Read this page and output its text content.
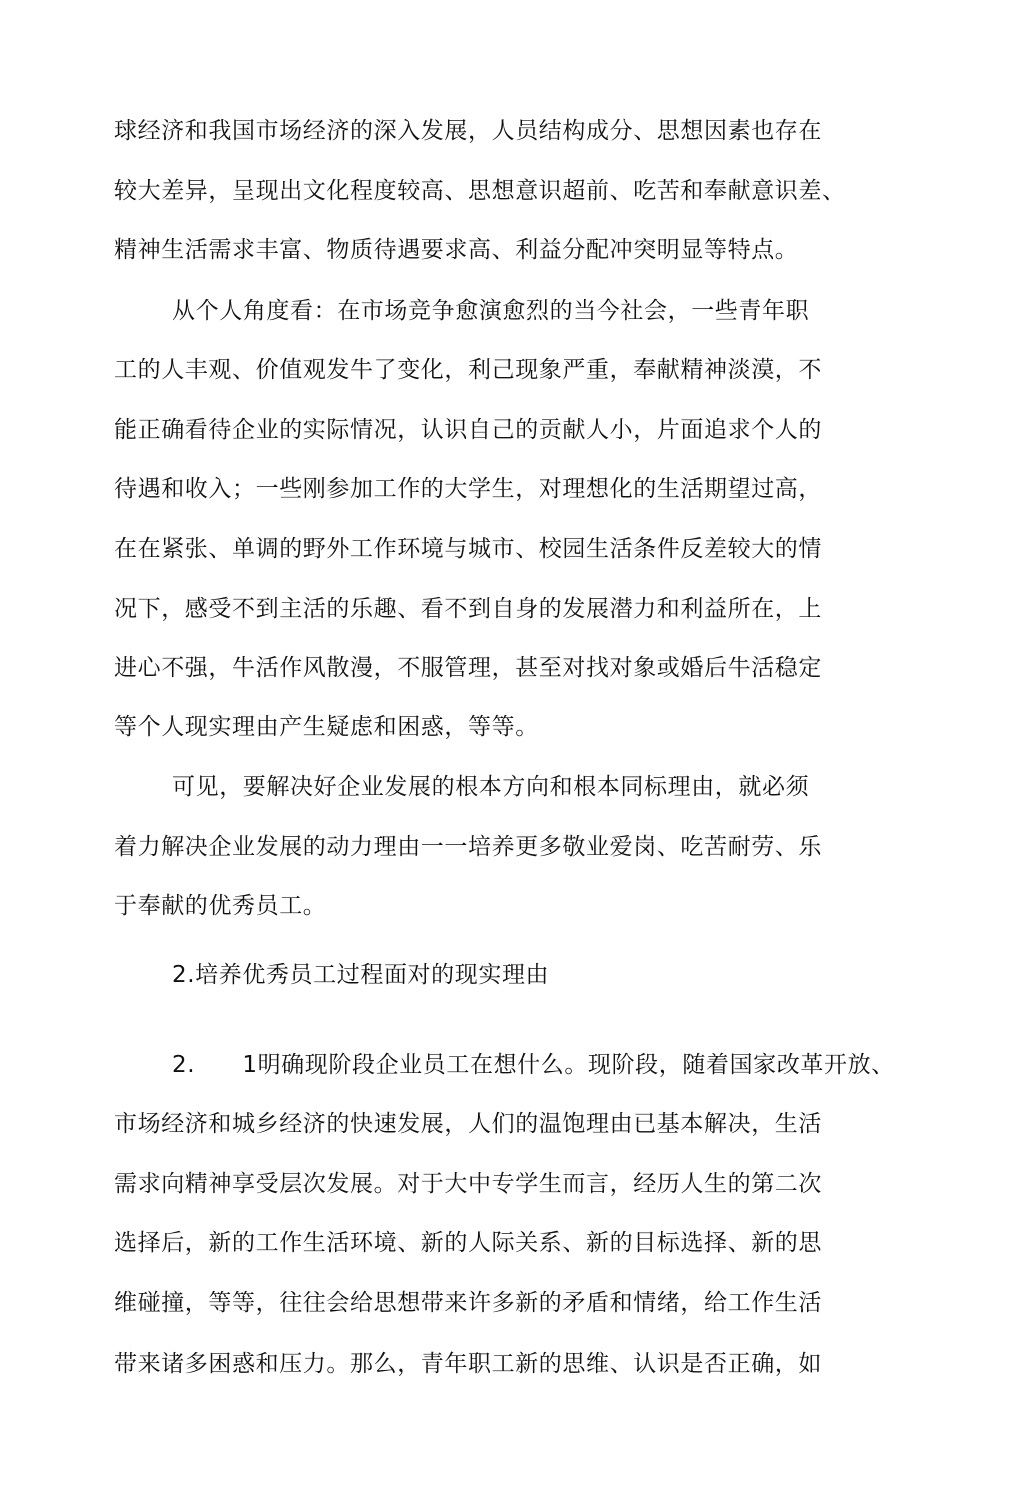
球经济和我国市场经济的深入发展，人员结构成分、思想因素也存在
较大差异，呈现出文化程度较高、思想意识超前、吃苦和奉献意识差、
精神生活需求丰富、物质待遇要求高、利益分配冲突明显等特点。
从个人角度看：在市场竞争愈演愈烈的当今社会，一些青年职
工的人丰观、价值观发牛了变化，利己现象严重，奉献精神淡漠，不
能正确看待企业的实际情况，认识自己的贡献人小，片面追求个人的
待遇和收入；一些刚参加工作的大学生，对理想化的生活期望过高，
在在紧张、单调的野外工作环境与城市、校园生活条件反差较大的情
况下，感受不到主活的乐趣、看不到自身的发展潜力和利益所在，上
进心不强，牛活作风散漫，不服管理，甚至对找对象或婚后牛活稳定
等个人现实理由产生疑虑和困惑，等等。
可见，要解决好企业发展的根本方向和根本同标理由，就必须
着力解决企业发展的动力理由一一培养更多敬业爱岗、吃苦耐劳、乐
于奉献的优秀员工。
2.培养优秀员工过程面对的现实理由
2.　　1明确现阶段企业员工在想什么。现阶段，随着国家改革开放、
市场经济和城乡经济的快速发展，人们的温饱理由已基本解决，生活
需求向精神享受层次发展。对于大中专学生而言，经历人生的第二次
选择后，新的工作生活环境、新的人际关系、新的目标选择、新的思
维碰撞，等等，往往会给思想带来许多新的矛盾和情绪，给工作生活
带来诸多困惑和压力。那么，青年职工新的思维、认识是否正确，如
